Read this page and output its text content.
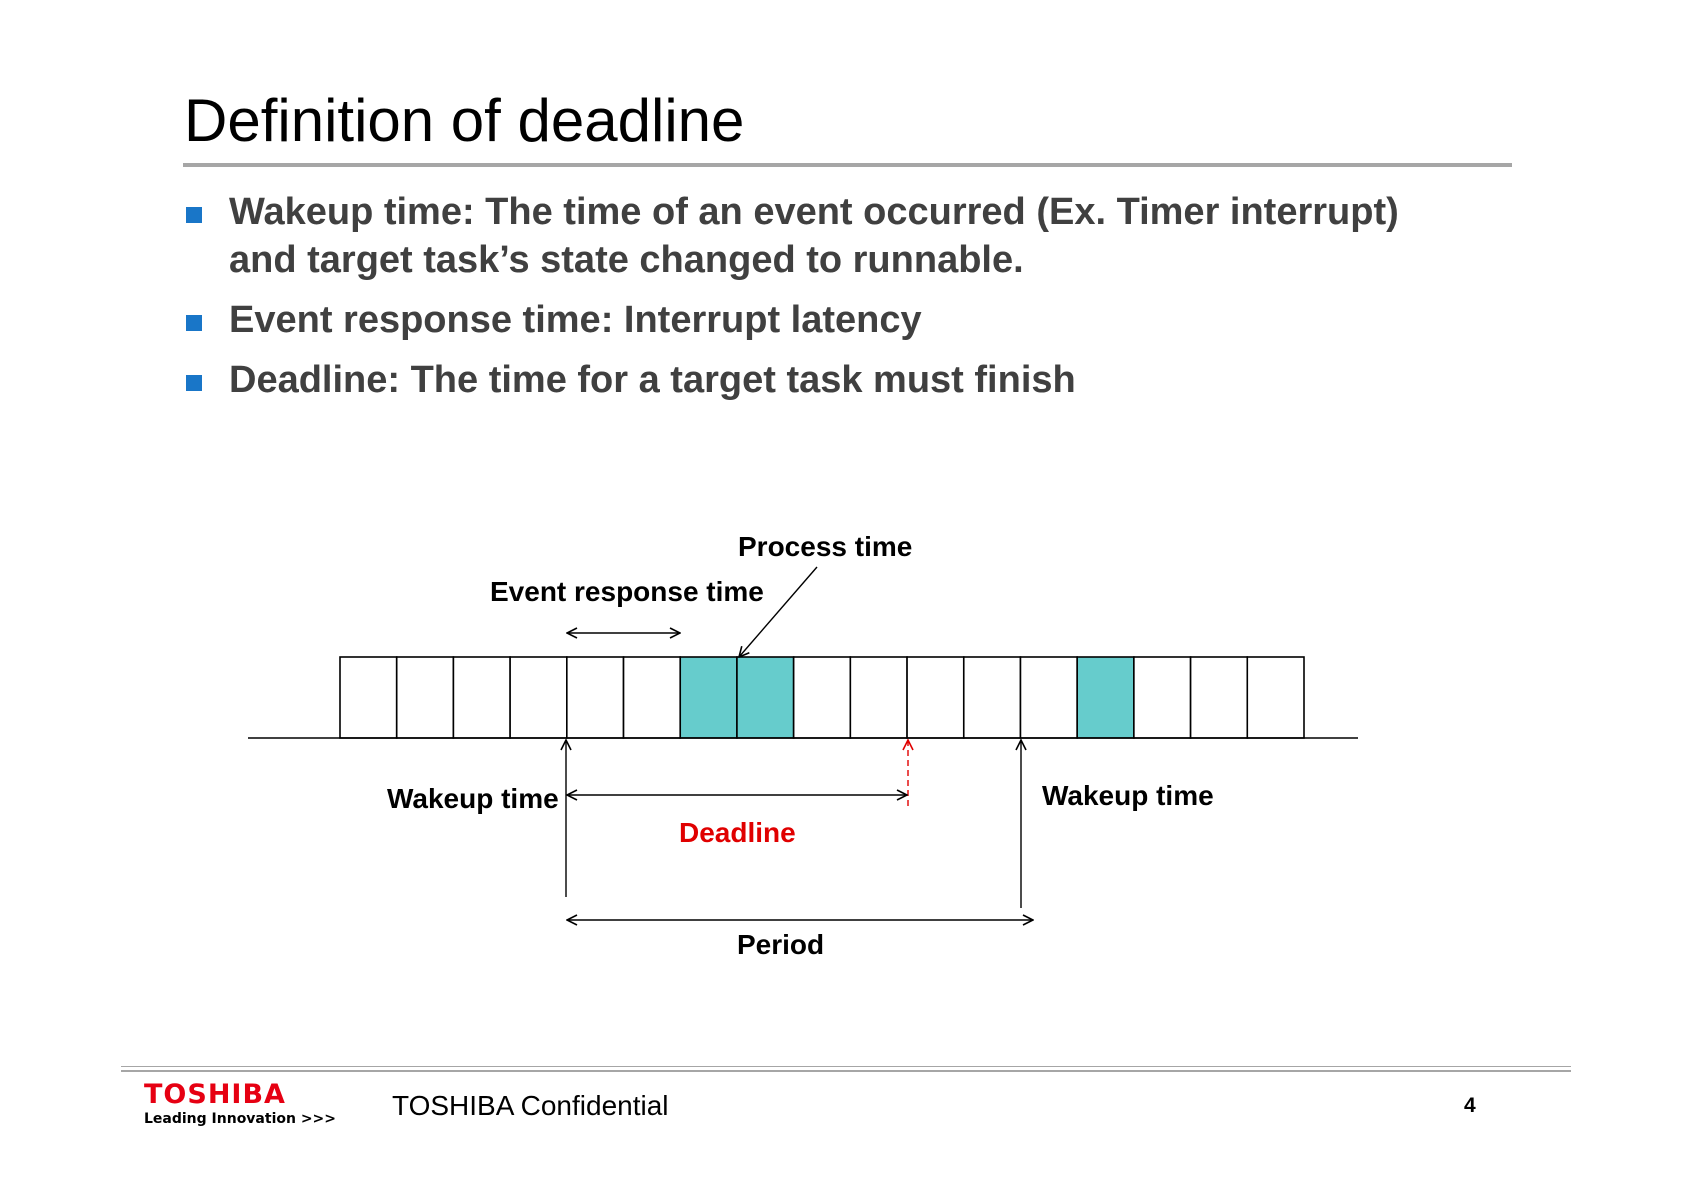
Definition of deadline
Wakeup time: The time of an event occurred (Ex. Timer interrupt)
and target task’s state changed to runnable.
Event response time: Interrupt latency
Deadline: The time for a target task must finish
Process time
Event response time
Wakeup time	Wakeup time
Deadline
Period
TOSHIBA
Leading Innovation >>> TOSHIBA Confidential	4
